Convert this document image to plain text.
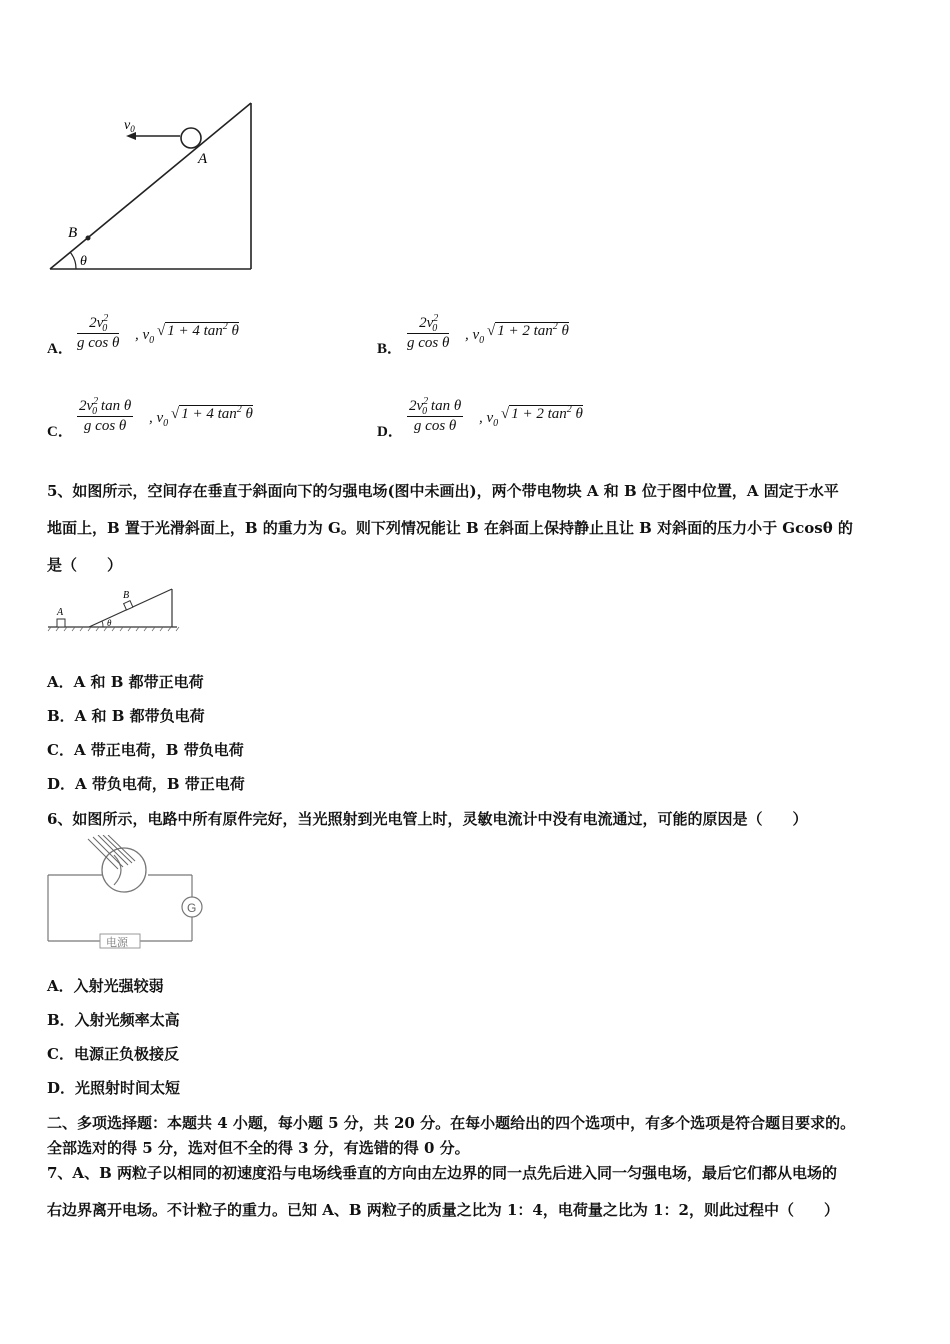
$v_0$
A
B
θ
A．
$2v^2_0$
g cos θ , $v_0$
√ 1 + 4 $\tan^2 \theta$
B．
$2v^2_0$
g cos θ , $v_0$
√ 1 + 2 $\tan^2 \theta$
C．
$2v^2_0$ tan θ
g cos θ	, $v_0$
√ 1 + 4 $\tan^2 \theta$
D．
$2v^2_0$ tan θ
g cos θ	, $v_0$
√ 1 + 2 $\tan^2 \theta$
5、如图所示，空间存在垂直于斜面向下的匀强电场(图中未画出)，两个带电物块 A 和 B 位于图中位置，A 固定于水平
地面上，B 置于光滑斜面上，B 的重力为 G。则下列情况能让 B 在斜面上保持静止且让 B 对斜面的压力小于 Gcosθ 的
是（　　）
A
B
θ
A．A 和 B 都带正电荷
B．A 和 B 都带负电荷
C．A 带正电荷，B 带负电荷
D．A 带负电荷，B 带正电荷
6、如图所示，电路中所有原件完好，当光照射到光电管上时，灵敏电流计中没有电流通过，可能的原因是（　　）
G
电源
A．入射光强较弱
B．入射光频率太高
C．电源正负极接反
D．光照射时间太短
二、多项选择题：本题共 4 小题，每小题 5 分，共 20 分。在每小题给出的四个选项中，有多个选项是符合题目要求的。
全部选对的得 5 分，选对但不全的得 3 分，有选错的得 0 分。
7、A、B 两粒子以相同的初速度沿与电场线垂直的方向由左边界的同一点先后进入同一匀强电场，最后它们都从电场的
右边界离开电场。不计粒子的重力。已知 A、B 两粒子的质量之比为 1：4，电荷量之比为 1：2，则此过程中（　　）
